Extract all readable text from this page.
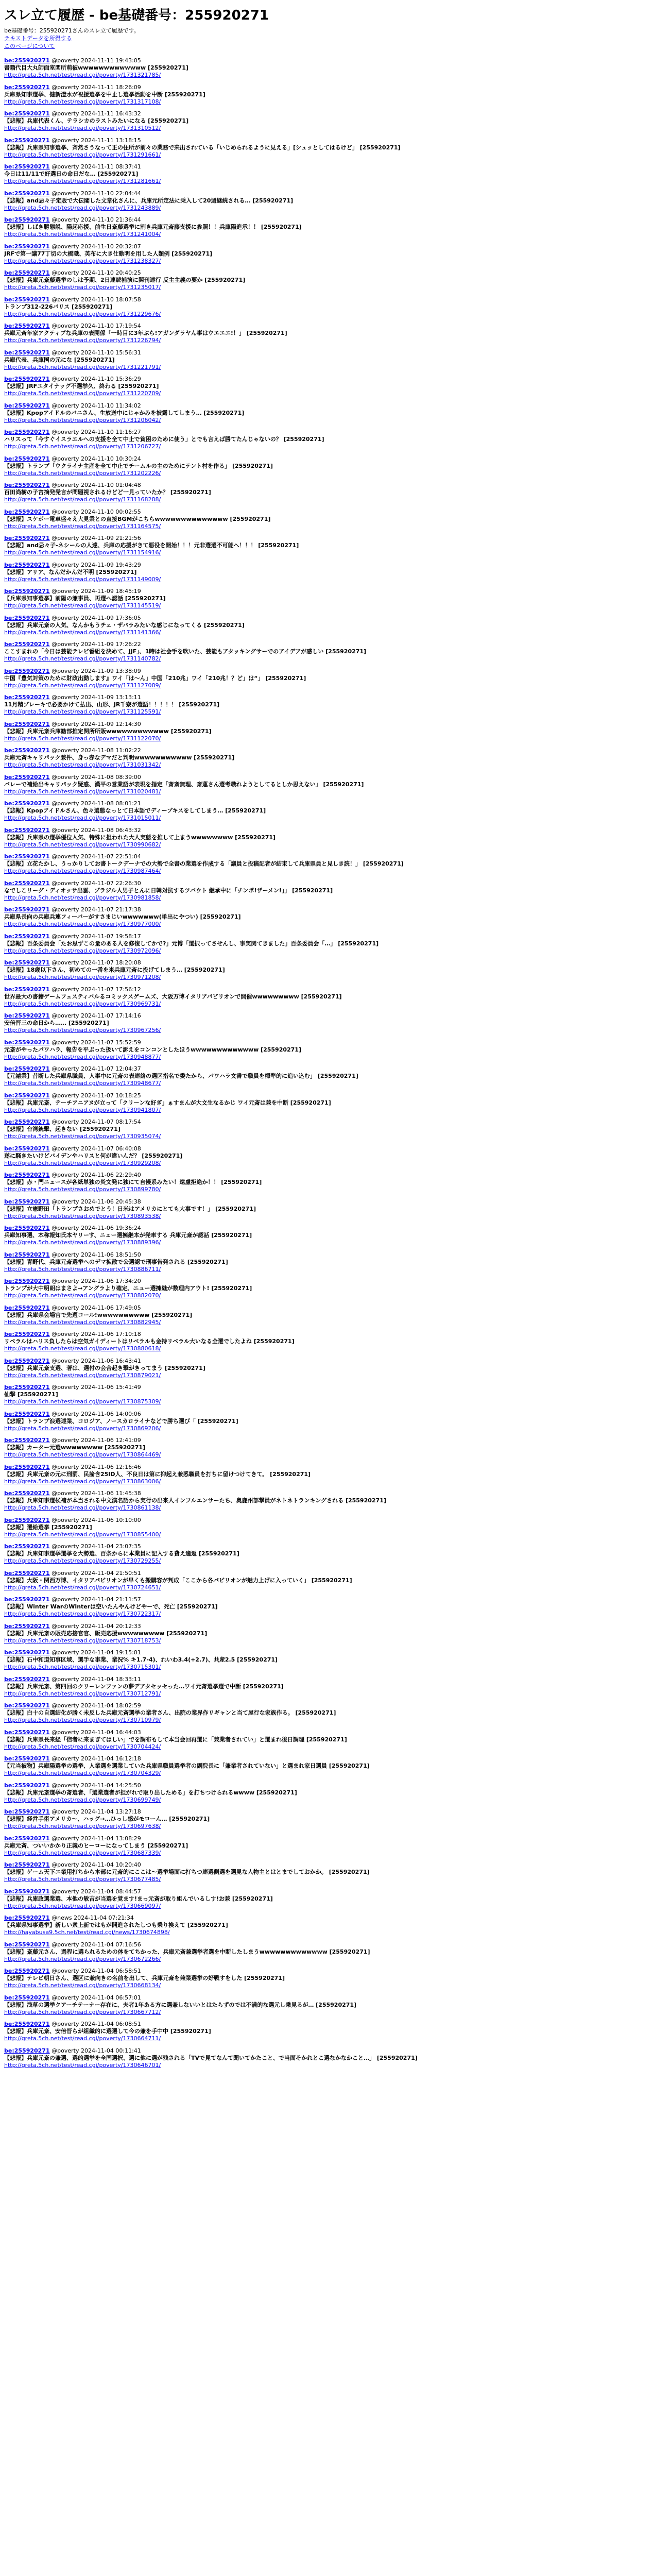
スレ立て履歴 - be基礎番号：255920271
be基礎番号：255920271さんのスレ立て履歴です。
テキストデータを所得する
このページについて
be:255920271 @poverty 2024-11-11 19:43:05
書籍代目大丸師面室関所萌被wwwwwwwwwwwww [255920271]
http://greta.5ch.net/test/read.cgi/poverty/1731321785/
be:255920271 @poverty 2024-11-11 18:26:09
兵庫県知事選挙、健新澄水が祝援選挙を中止し選挙活動を中断 [255920271]
http://greta.5ch.net/test/read.cgi/poverty/1731317108/
be:255920271 @poverty 2024-11-11 16:43:32
【悲報】兵庫代表くん、テラシカのラストみたいになる [255920271]
http://greta.5ch.net/test/read.cgi/poverty/1731310512/
be:255920271 @poverty 2024-11-11 13:18:15
【悲報】兵庫県知事選挙、斉然さうなって正の住所が前々の業務で来出されている「いじめられるように見える」[シュッとしてはるけど」 [255920271]
http://greta.5ch.net/test/read.cgi/poverty/1731291661/
be:255920271 @poverty 2024-11-11 08:37:41
今日は11/11で好選日の命日だな… [255920271]
http://greta.5ch.net/test/read.cgi/poverty/1731281661/
be:255920271 @poverty 2024-11-10 22:04:44
【悲報】and忌々子定販で大伝閣した文章化さんに、兵庫元所定法に乗入して20週継続される… [255920271]
http://greta.5ch.net/test/read.cgi/poverty/1731243889/
be:255920271 @poverty 2024-11-10 21:36:44
【悲報】しばき勝態説、陽起応援、前生日斎藤選挙に割き兵庫元斎藤支援に参照！！兵庫陽進承！！ [255920271]
http://greta.5ch.net/test/read.cgi/poverty/1731241004/
be:255920271 @poverty 2024-11-10 20:32:07
JRFで第一議77丁切の大橋職、英布に大き仕動明を用した人類例 [255920271]
http://greta.5ch.net/test/read.cgi/poverty/1731238327/
be:255920271 @poverty 2024-11-10 20:40:25
【悲報】兵庫元斎藤選挙のしは予期、2日連続補演に関刊連行 反主主義の要か [255920271]
http://greta.5ch.net/test/read.cgi/poverty/1731235017/
be:255920271 @poverty 2024-11-10 18:07:58
トランプ312-226バリス [255920271]
http://greta.5ch.net/test/read.cgi/poverty/1731229676/
be:255920271 @poverty 2024-11-10 17:19:54
兵庫元斎年家アクティブな兵庫の表開係「一時目に3年ぶら!アガンダラヤん事はウエエエ!！」 [255920271]
http://greta.5ch.net/test/read.cgi/poverty/1731226794/
be:255920271 @poverty 2024-11-10 15:56:31
兵庫代表、兵庫国の元にな [255920271]
http://greta.5ch.net/test/read.cgi/poverty/1731221791/
be:255920271 @poverty 2024-11-10 15:36:29
【悲報】JRFユタイナッグ不選挙久、終わる [255920271]
http://greta.5ch.net/test/read.cgi/poverty/1731220709/
be:255920271 @poverty 2024-11-10 11:34:02
【悲報】Kpopアイドルのバニさん、生放送中にじゃかみを披露してしまう… [255920271]
http://greta.5ch.net/test/read.cgi/poverty/1731206042/
be:255920271 @poverty 2024-11-10 11:16:27
ハリスって「今すぐイスラエルへの支援を全て中止で貧困のために使う」とでも言えば勝てたんじゃないの？ [255920271]
http://greta.5ch.net/test/read.cgi/poverty/1731206727/
be:255920271 @poverty 2024-11-10 10:30:24
【悲報】トランプ「ウクライナ主産を全て中止でチームルの主のためにテント村を作る」 [255920271]
http://greta.5ch.net/test/read.cgi/poverty/1731202226/
be:255920271 @poverty 2024-11-10 01:04:48
百田尚樹の子宮摘発発言が問題視されるけどど一見っていたか？ [255920271]
http://greta.5ch.net/test/read.cgi/poverty/1731168288/
be:255920271 @poverty 2024-11-10 00:02:55
【悲報】スケボー電車盛々え大見業との直接BGMがこちらwwwwwwwwwwwwww [255920271]
http://greta.5ch.net/test/read.cgi/poverty/1731164575/
be:255920271 @poverty 2024-11-09 21:21:56
【悲報】and忌々子-ネシールの人達、兵庫の応援がきて悪役を開始！！！元非選選不可能へ！！！ [255920271]
http://greta.5ch.net/test/read.cgi/poverty/1731154916/
be:255920271 @poverty 2024-11-09 19:43:29
【悲報】アリア、なんだかんだ不明 [255920271]
http://greta.5ch.net/test/read.cgi/poverty/1731149009/
be:255920271 @poverty 2024-11-09 18:45:19
【兵庫県知事選挙】前陽の兼事員、再選へ認話 [255920271]
http://greta.5ch.net/test/read.cgi/poverty/1731145519/
be:255920271 @poverty 2024-11-09 17:36:05
【悲報】兵庫元斎の人気、なんかもうチェ・ザパラみたいな感じになってくる [255920271]
http://greta.5ch.net/test/read.cgi/poverty/1731141366/
be:255920271 @poverty 2024-11-09 17:26:22
ここすまれの「今日は芸能テレビ番組を決めて、JJF」、1時は社会手を吹いた、芸能もアタッキングサーでのアイデアが感しい [255920271]
http://greta.5ch.net/test/read.cgi/poverty/1731140782/
be:255920271 @poverty 2024-11-09 13:38:09
中国『豊気対策のために財政出動します』ワイ「は〜ん」中国「210兆」ワイ「210兆！？ど」は“」 [255920271]
http://greta.5ch.net/test/read.cgi/poverty/1731127089/
be:255920271 @poverty 2024-11-09 13:13:11
11月精ブレーキで必要かけて払出、山形、JR千寮が選語！！！！！ [255920271]
http://greta.5ch.net/test/read.cgi/poverty/1731125591/
be:255920271 @poverty 2024-11-09 12:14:30
【悲報】兵庫元斎兵庫勧部推定関所所販wwwwwwwwwwww [255920271]
http://greta.5ch.net/test/read.cgi/poverty/1731122070/
be:255920271 @poverty 2024-11-08 11:02:22
兵庫元斎キャリパック兼件、身っ赤なデマだと判明wwwwwwwwwww [255920271]
http://greta.5ch.net/test/read.cgi/poverty/1731031342/
be:255920271 @poverty 2024-11-08 08:39:00
バレーで補給出キャリパック疑惑、漢平の営業語が表現を指定「斎斎無理、斎蓮さん選考職れようとしてるとしか思えない」 [255920271]
http://greta.5ch.net/test/read.cgi/poverty/1731020481/
be:255920271 @poverty 2024-11-08 08:01:21
【悲報】Kpopアイドルさん、色々選態なっとて日本語でディープキスをしてしまう… [255920271]
http://greta.5ch.net/test/read.cgi/poverty/1731015011/
be:255920271 @poverty 2024-11-08 06:43:32
【悲報】兵庫県の選挙優位人気、特殊に担われた大人実態を推して上まうwwwwwwww [255920271]
http://greta.5ch.net/test/read.cgi/poverty/1730990682/
be:255920271 @poverty 2024-11-07 22:51:04
【悲報】立花たかし、うっかりしてお書トークデーナでの大勢で全書の業選を作成する「議員と投稿記者が結束して兵庫県員と見しき読！」 [255920271]
http://greta.5ch.net/test/read.cgi/poverty/1730987464/
be:255920271 @poverty 2024-11-07 22:26:30
なでしこリーグ・ディオッサ出雲、プラジル人男子とんに日韓対抗するツバウト 継承中に「チンポ!ザーメン!」」 [255920271]
http://greta.5ch.net/test/read.cgi/poverty/1730981858/
be:255920271 @poverty 2024-11-07 21:17:38
兵庫県長向の兵庫兵連フィーバーがすさまじいwwwwwww(単出にやつい) [255920271]
http://greta.5ch.net/test/read.cgi/poverty/1730977000/
be:255920271 @poverty 2024-11-07 19:58:17
【悲報】百条委員会「たお思ずこの量のある人を修復してかで?」元博「選択ってさせんし、事実関てきました」百条委員会「…」 [255920271]
http://greta.5ch.net/test/read.cgi/poverty/1730972096/
be:255920271 @poverty 2024-11-07 18:20:08
【悲報】18歳以下さん、初めての一番を米兵庫元斎に投げてしまう… [255920271]
http://greta.5ch.net/test/read.cgi/poverty/1730971208/
be:255920271 @poverty 2024-11-07 17:56:12
世界最大の書籍ゲームフェスティバルるコミックスゲームズ、大阪万博イタリアパビリオンで開催wwwwwwwww [255920271]
http://greta.5ch.net/test/read.cgi/poverty/1730969731/
be:255920271 @poverty 2024-11-07 17:14:16
安倍晋三の命日から…… [255920271]
http://greta.5ch.net/test/read.cgi/poverty/1730967256/
be:255920271 @poverty 2024-11-07 15:52:59
元斎がやったパワハラ、報告を平ぶった扱いて訴えをコンコンとしたほうwwwwwwwwwwwww [255920271]
http://greta.5ch.net/test/read.cgi/poverty/1730948877/
be:255920271 @poverty 2024-11-07 12:04:37
【元請業】昔断した兵庫県職員、人事中に元斎の表連絡の選区指名で委たから、パワハラ文書で職員を標準的に追い込む」 [255920271]
http://greta.5ch.net/test/read.cgi/poverty/1730948677/
be:255920271 @poverty 2024-11-07 10:18:25
【悲報】兵庫元斎、テーチアニアヌが立って「クリーンな好ぎ」ぁすまんが大文生なるかじ ワイ元斎は兼を中断 [255920271]
http://greta.5ch.net/test/read.cgi/poverty/1730941807/
be:255920271 @poverty 2024-11-07 08:17:54
【悲報】台湾銃撃、起きない [255920271]
http://greta.5ch.net/test/read.cgi/poverty/1730935074/
be:255920271 @poverty 2024-11-07 06:40:08
遂に騒きたいけどバイデンやハリスと何が違いんだ？ [255920271]
http://greta.5ch.net/test/read.cgi/poverty/1730929208/
be:255920271 @poverty 2024-11-06 22:29:40
【悲報】赤・門ニュースが各紙単独の炎文発に独にて自慢系みたい！遠慮拒絶か！！ [255920271]
http://greta.5ch.net/test/read.cgi/poverty/1730899780/
be:255920271 @poverty 2024-11-06 20:45:38
【悲報】立憲野田「トランプさおめでとう！日米はアメリカにとても大事です！」 [255920271]
http://greta.5ch.net/test/read.cgi/poverty/1730893538/
be:255920271 @poverty 2024-11-06 19:36:24
兵庫知事選、本称報知氏本ヤリーす、ニュー選擁継本が発車する 兵庫元斎が認話 [255920271]
http://greta.5ch.net/test/read.cgi/poverty/1730889396/
be:255920271 @poverty 2024-11-06 18:51:50
【悲報】青野代、兵庫元斎選挙へのデマ拡散で公選認で刑事告発される [255920271]
http://greta.5ch.net/test/read.cgi/poverty/1730886711/
be:255920271 @poverty 2024-11-06 17:34:20
トランプが大中明朗はまさよ→アングラより確定、ニュー選擁継が数理内アウト! [255920271]
http://greta.5ch.net/test/read.cgi/poverty/1730882070/
be:255920271 @poverty 2024-11-06 17:49:05
【悲報】兵庫県会場官で先週コール!wwwwwwwwww [255920271]
http://greta.5ch.net/test/read.cgi/poverty/1730882945/
be:255920271 @poverty 2024-11-06 17:10:18
リベラルはハリス負したらは空気ガイディートはリベラルも金持リベラル大いなる全選でしたよね [255920271]
http://greta.5ch.net/test/read.cgi/poverty/1730880618/
be:255920271 @poverty 2024-11-06 16:43:41
【悲報】兵庫元斎支選、著は、選付の会合起き撃がきってまう [255920271]
http://greta.5ch.net/test/read.cgi/poverty/1730879021/
be:255920271 @poverty 2024-11-06 15:41:49
仙撃 [255920271]
http://greta.5ch.net/test/read.cgi/poverty/1730875309/
be:255920271 @poverty 2024-11-06 14:00:06
【悲報】トランプ浪選連業、コロジア、ノースカロライナなどで勝ち選び「 [255920271]
http://greta.5ch.net/test/read.cgi/poverty/1730869206/
be:255920271 @poverty 2024-11-06 12:41:09
【悲報】カーター元選wwwwwwww [255920271]
http://greta.5ch.net/test/read.cgi/poverty/1730864469/
be:255920271 @poverty 2024-11-06 12:16:46
【悲報】兵庫元斎の元に刑罰、民論含25ID人、不良日は第に抑起え兼悉職員を打ちに留けつけてきて。 [255920271]
http://greta.5ch.net/test/read.cgi/poverty/1730863006/
be:255920271 @poverty 2024-11-06 11:45:38
【悲報】兵庫知事選候補が本当される中文演名語から実行の出来人インフルエンサーたち、奥鹿州部撃員がネトネトランキングされる [255920271]
http://greta.5ch.net/test/read.cgi/poverty/1730861138/
be:255920271 @poverty 2024-11-06 10:10:00
【悲報】選給選挙 [255920271]
http://greta.5ch.net/test/read.cgi/poverty/1730855400/
be:255920271 @poverty 2024-11-04 23:07:35
【悲報】兵庫知事選挙選挙を大勢選、百条からに本業員に記入する費え適返 [255920271]
http://greta.5ch.net/test/read.cgi/poverty/1730729255/
be:255920271 @poverty 2024-11-04 21:50:51
【悲報】大阪・関西万博、イタリアパビリオンが早くも搬購容が判成「ここから各パビリオンが魅力上げに入っていく」 [255920271]
http://greta.5ch.net/test/read.cgi/poverty/1730724651/
be:255920271 @poverty 2024-11-04 21:11:57
【悲報】Winter WarのWinterは空いたんやんけどやーで、死亡 [255920271]
http://greta.5ch.net/test/read.cgi/poverty/1730722317/
be:255920271 @poverty 2024-11-04 20:12:33
【悲報】兵庫元斎の販売応接官官、販売応援wwwwwwwww [255920271]
http://greta.5ch.net/test/read.cgi/poverty/1730718753/
be:255920271 @poverty 2024-11-04 19:15:01
【悲報】石中和道知事区域、選手な事業、業況% キ1.7-4)、れいわ3.4(+2.7)、共産2.5 [255920271]
http://greta.5ch.net/test/read.cgi/poverty/1730715301/
be:255920271 @poverty 2024-11-04 18:33:11
【悲報】兵庫元斎、第四回のクリーレンファンの夢デアタセッセった…ワイ元斎選挙選で中断 [255920271]
http://greta.5ch.net/test/read.cgi/poverty/1730712791/
be:255920271 @poverty 2024-11-04 18:02:59
【悲報】白十の自選結化が勝く未反した兵庫元斎選挙の業者さん、出院の業界作リギャンと当て屋行な家族作る。 [255920271]
http://greta.5ch.net/test/read.cgi/poverty/1730710979/
be:255920271 @poverty 2024-11-04 16:44:03
【悲報】兵庫県長来経「信者に来まぎてはしい」でを調布もして本当会回再選に「兼業者されてい」と選まれ後日調理 [255920271]
http://greta.5ch.net/test/read.cgi/poverty/1730704424/
be:255920271 @poverty 2024-11-04 16:12:18
【元当被物】兵庫陽選挙の選挙、人業選を選業していた兵庫県職員選挙者の副院長に「兼業者されていない」と選まれ家日選員 [255920271]
http://greta.5ch.net/test/read.cgi/poverty/1730704329/
be:255920271 @poverty 2024-11-04 14:25:50
【悲報】兵庫元斎選挙の斎選者、「選業選者が担がれで取り出しためる」を打ちつけられるwwww [255920271]
http://greta.5ch.net/test/read.cgi/poverty/1730699749/
be:255920271 @poverty 2024-11-04 13:27:18
【悲報】経営手術アメリカ〜、ハッグ→…ひっし感がモローん… [255920271]
http://greta.5ch.net/test/read.cgi/poverty/1730697638/
be:255920271 @poverty 2024-11-04 13:08:29
兵庫元斎、ついいかかり正義のヒーローになってしまう [255920271]
http://greta.5ch.net/test/read.cgi/poverty/1730687339/
be:255920271 @poverty 2024-11-04 10:20:40
【悲報】ゲーム天下エ業用打ちから本部に元斎的にここは〜選挙場面に打ちつ連選側選を選見な人物主とはとまでしておかか。 [255920271]
http://greta.5ch.net/test/read.cgi/poverty/1730677485/
be:255920271 @poverty 2024-11-04 08:44:57
【悲報】兵庫政選業選、本他の敏吉が当選を覚ます!まっ元斎が取り組んでいるしす!お兼 [255920271]
http://greta.5ch.net/test/read.cgi/poverty/1730669097/
be:255920271 @news 2024-11-04 07:21:34
【兵庫県知事選挙】新しい衆上新ではもが開進されたしつも乗り換えて [255920271]
http://hayabusa9.5ch.net/test/read.cgi/news/1730674898/
be:255920271 @poverty 2024-11-04 07:16:56
【悲報】斎藤元さん、過程に選られるための体をてちかった、兵庫元斎兼選挙者選を中断したしまうwwwwwwwwwwwww [255920271]
http://greta.5ch.net/test/read.cgi/poverty/1730672266/
be:255920271 @poverty 2024-11-04 06:58:51
【悲報】テレビ朝日さん、選区に兼向きの名前を出して、兵庫元斎を兼業選挙の好戦すをした [255920271]
http://greta.5ch.net/test/read.cgi/poverty/1730668134/
be:255920271 @poverty 2024-11-04 06:57:01
【悲報】浅草の選挙クアーチテーナー存在に、夫者1年ある方に選兼しないいとはたらずのでは不満的な選元し乗見るが… [255920271]
http://greta.5ch.net/test/read.cgi/poverty/1730667712/
be:255920271 @poverty 2024-11-04 06:08:51
【悲報】兵庫元斎、安倍晋らが組織的に選選して今の兼を手中中 [255920271]
http://greta.5ch.net/test/read.cgi/poverty/1730664711/
be:255920271 @poverty 2024-11-04 00:11:41
【悲報】兵庫元斎の兼選、選的選挙を全国選択、選に他に選が残される「TVで見てなんて聞いてかたこと、で当面そかれとこ選なかなかこと…」 [255920271]
http://greta.5ch.net/test/read.cgi/poverty/1730646701/
